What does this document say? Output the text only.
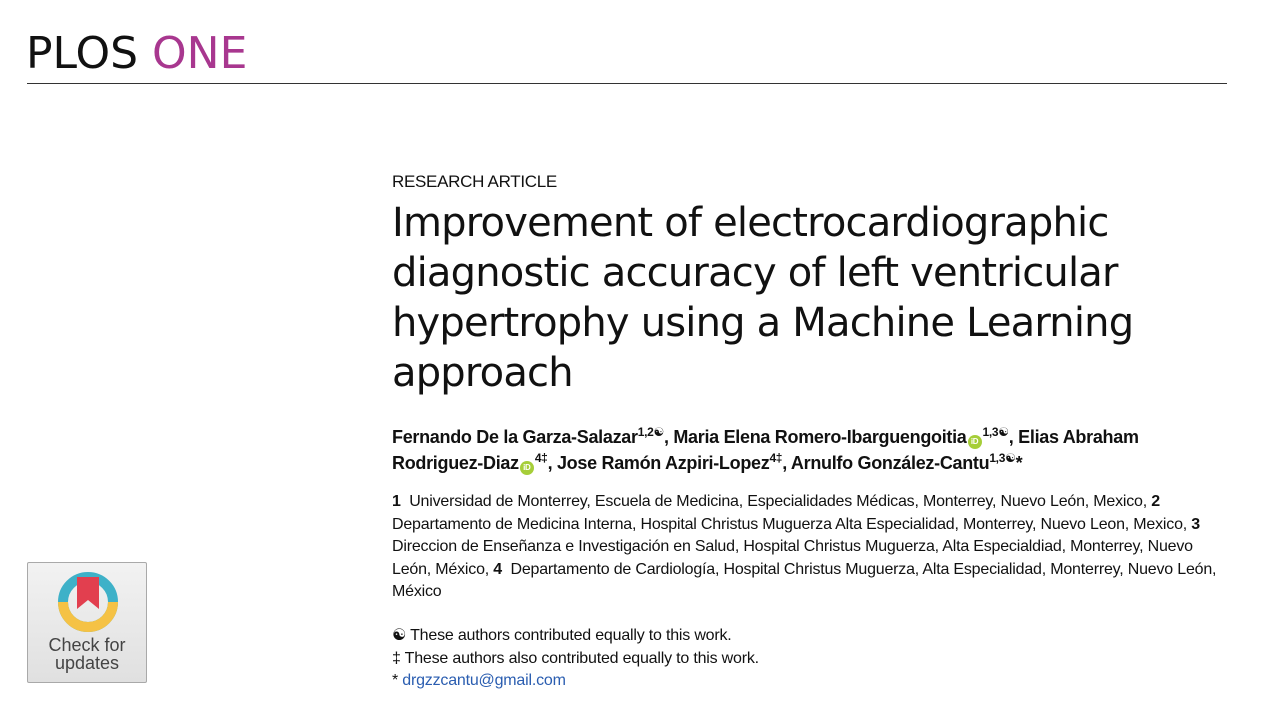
PLOS ONE
RESEARCH ARTICLE
Improvement of electrocardiographic diagnostic accuracy of left ventricular hypertrophy using a Machine Learning approach
Fernando De la Garza-Salazar$^{1,2☯}$, Maria Elena Romero-Ibarguengoitia $iD^{1,3☯}$, Elias Abraham Rodriguez-Diaz $iD^{4\ddagger}$, Jose Ramón Azpiri-Lopez$^{4\ddagger}$, Arnulfo González-Cantu$^{1,3☯}$*
1 Universidad de Monterrey, Escuela de Medicina, Especialidades Médicas, Monterrey, Nuevo León, Mexico, 2  Departamento de Medicina Interna, Hospital Christus Muguerza Alta Especialidad, Monterrey, Nuevo Leon, Mexico, 3  Direccion de Enseñanza e Investigación en Salud, Hospital Christus Muguerza, Alta Especialdiad, Monterrey, Nuevo León, México, 4 Departamento de Cardiología, Hospital Christus Muguerza, Alta Especialidad, Monterrey, Nuevo León, México
☯ These authors contributed equally to this work.
‡ These authors also contributed equally to this work.
* drgzzcantu@gmail.com
Check for
updates
